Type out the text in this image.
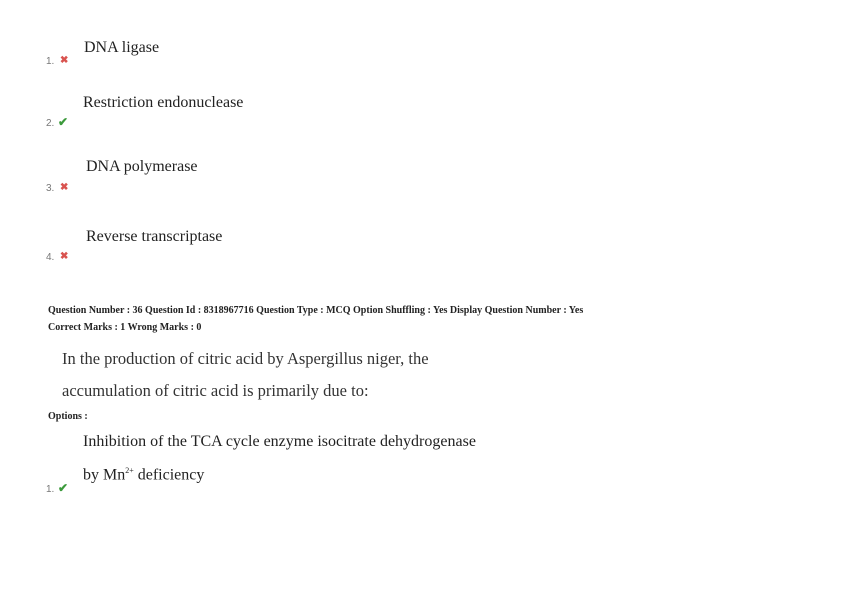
DNA ligase
1. ✖
Restriction endonuclease
2. ✔
DNA polymerase
3. ✖
Reverse transcriptase
4. ✖
Question Number : 36 Question Id : 8318967716 Question Type : MCQ Option Shuffling : Yes Display Question Number : Yes
Correct Marks : 1 Wrong Marks : 0
In the production of citric acid by Aspergillus niger, the
accumulation of citric acid is primarily due to:
Options :
Inhibition of the TCA cycle enzyme isocitrate dehydrogenase
by $Mn^{2+}$ deficiency
1. ✔
